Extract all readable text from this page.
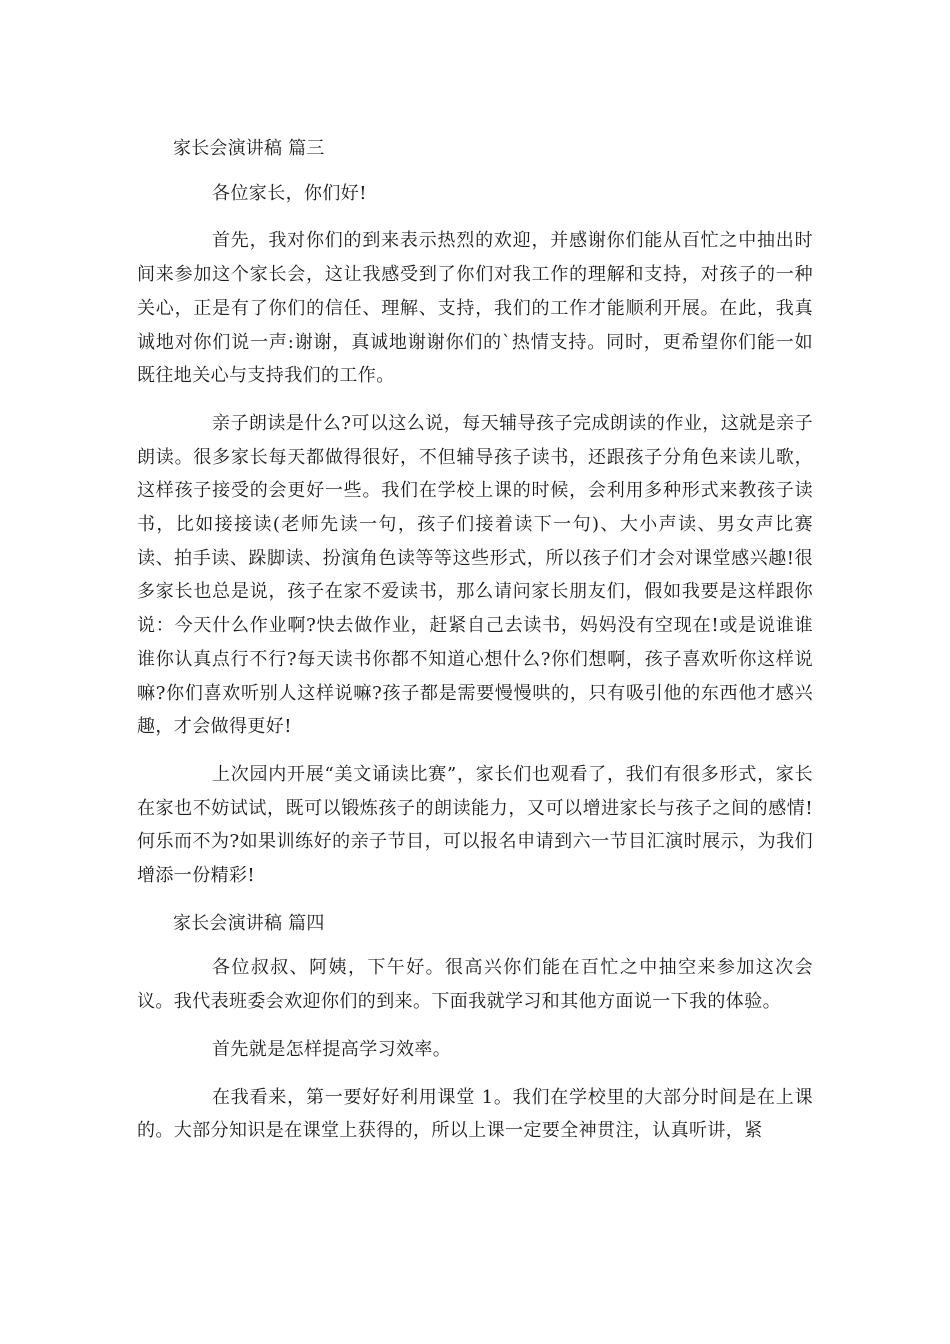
家长会演讲稿 篇三

各位家长，你们好!

首先，我对你们的到来表示热烈的欢迎，并感谢你们能从百忙之中抽出时间来参加这个家长会，这让我感受到了你们对我工作的理解和支持，对孩子的一种关心，正是有了你们的信任、理解、支持，我们的工作才能顺利开展。在此，我真诚地对你们说一声:谢谢，真诚地谢谢你们的`热情支持。同时，更希望你们能一如既往地关心与支持我们的工作。

亲子朗读是什么?可以这么说，每天辅导孩子完成朗读的作业，这就是亲子朗读。很多家长每天都做得很好，不但辅导孩子读书，还跟孩子分角色来读儿歌，这样孩子接受的会更好一些。我们在学校上课的时候，会利用多种形式来教孩子读书，比如接接读(老师先读一句，孩子们接着读下一句)、大小声读、男女声比赛读、拍手读、跺脚读、扮演角色读等等这些形式，所以孩子们才会对课堂感兴趣!很多家长也总是说，孩子在家不爱读书，那么请问家长朋友们，假如我要是这样跟你说：今天什么作业啊?快去做作业，赶紧自己去读书，妈妈没有空现在!或是说谁谁谁你认真点行不行?每天读书你都不知道心想什么?你们想啊，孩子喜欢听你这样说嘛?你们喜欢听别人这样说嘛?孩子都是需要慢慢哄的，只有吸引他的东西他才感兴趣，才会做得更好!

上次园内开展“美文诵读比赛”，家长们也观看了，我们有很多形式，家长在家也不妨试试，既可以锻炼孩子的朗读能力，又可以增进家长与孩子之间的感情!何乐而不为?如果训练好的亲子节目，可以报名申请到六一节目汇演时展示，为我们增添一份精彩!

家长会演讲稿 篇四

各位叔叔、阿姨，下午好。很高兴你们能在百忙之中抽空来参加这次会议。我代表班委会欢迎你们的到来。下面我就学习和其他方面说一下我的体验。

首先就是怎样提高学习效率。

在我看来，第一要好好利用课堂 1。我们在学校里的大部分时间是在上课的。大部分知识是在课堂上获得的，所以上课一定要全神贯注，认真听讲，紧
